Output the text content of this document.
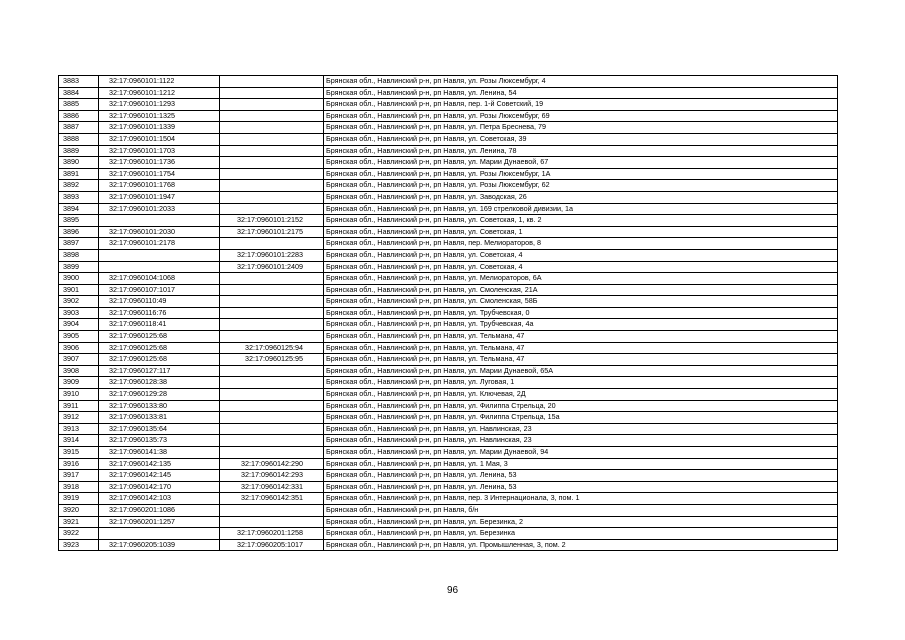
3883	32:17:0960101:1122		Брянская обл., Навлинский р-н, рп Навля, ул. Розы Люксембург, 4
3884	32:17:0960101:1212		Брянская обл., Навлинский р-н, рп Навля, ул. Ленина, 54
3885	32:17:0960101:1293		Брянская обл., Навлинский р-н, рп Навля, пер. 1-й Советский, 19
3886	32:17:0960101:1325		Брянская обл., Навлинский р-н, рп Навля, ул. Розы Люксембург, 69
3887	32:17:0960101:1339		Брянская обл., Навлинский р-н, рп Навля, ул. Петра Бреснева, 79
3888	32:17:0960101:1504		Брянская обл., Навлинский р-н, рп Навля, ул. Советская, 39
3889	32:17:0960101:1703		Брянская обл., Навлинский р-н, рп Навля, ул. Ленина, 78
3890	32:17:0960101:1736		Брянская обл., Навлинский р-н, рп Навля, ул. Марии Дунаевой, 67
3891	32:17:0960101:1754		Брянская обл., Навлинский р-н, рп Навля, ул. Розы Люксембург, 1А
3892	32:17:0960101:1768		Брянская обл., Навлинский р-н, рп Навля, ул. Розы Люксембург, 62
3893	32:17:0960101:1947		Брянская обл., Навлинский р-н, рп Навля, ул. Заводская, 26
3894	32:17:0960101:2033		Брянская обл., Навлинский р-н, рп Навля, ул. 169 стрелковой дивизии, 1а
3895		32:17:0960101:2152	Брянская обл., Навлинский р-н, рп Навля, ул. Советская, 1, кв. 2
3896	32:17:0960101:2030	32:17:0960101:2175	Брянская обл., Навлинский р-н, рп Навля, ул. Советская, 1
3897	32:17:0960101:2178		Брянская обл., Навлинский р-н, рп Навля, пер. Мелиораторов, 8
3898		32:17:0960101:2283	Брянская обл., Навлинский р-н, рп Навля, ул. Советская, 4
3899		32:17:0960101:2409	Брянская обл., Навлинский р-н, рп Навля, ул. Советская, 4
3900	32:17:0960104:1068		Брянская обл., Навлинский р-н, рп Навля, ул. Мелиораторов, 6А
3901	32:17:0960107:1017		Брянская обл., Навлинский р-н, рп Навля, ул. Смоленская, 21А
3902	32:17:0960110:49		Брянская обл., Навлинский р-н, рп Навля, ул. Смоленская, 58Б
3903	32:17:0960116:76		Брянская обл., Навлинский р-н, рп Навля, ул. Трубчевская, 0
3904	32:17:0960118:41		Брянская обл., Навлинский р-н, рп Навля, ул. Трубчевская, 4а
3905	32:17:0960125:68		Брянская обл., Навлинский р-н, рп Навля, ул. Тельмана, 47
3906	32:17:0960125:68	32:17:0960125:94	Брянская обл., Навлинский р-н, рп Навля, ул. Тельмана, 47
3907	32:17:0960125:68	32:17:0960125:95	Брянская обл., Навлинский р-н, рп Навля, ул. Тельмана, 47
3908	32:17:0960127:117		Брянская обл., Навлинский р-н, рп Навля, ул. Марии Дунаевой, 65А
3909	32:17:0960128:38		Брянская обл., Навлинский р-н, рп Навля, ул. Луговая, 1
3910	32:17:0960129:28		Брянская обл., Навлинский р-н, рп Навля, ул. Ключевая, 2Д
3911	32:17:0960133:80		Брянская обл., Навлинский р-н, рп Навля, ул. Филиппа Стрельца, 20
3912	32:17:0960133:81		Брянская обл., Навлинский р-н, рп Навля, ул. Филиппа Стрельца, 15а
3913	32:17:0960135:64		Брянская обл., Навлинский р-н, рп Навля, ул. Навлинская, 23
3914	32:17:0960135:73		Брянская обл., Навлинский р-н, рп Навля, ул. Навлинская, 23
3915	32:17:0960141:38		Брянская обл., Навлинский р-н, рп Навля, ул. Марии Дунаевой, 94
3916	32:17:0960142:135	32:17:0960142:290	Брянская обл., Навлинский р-н, рп Навля, ул. 1 Мая, 3
3917	32:17:0960142:145	32:17:0960142:293	Брянская обл., Навлинский р-н, рп Навля, ул. Ленина, 53
3918	32:17:0960142:170	32:17:0960142:331	Брянская обл., Навлинский р-н, рп Навля, ул. Ленина, 53
3919	32:17:0960142:103	32:17:0960142:351	Брянская обл., Навлинский р-н, рп Навля, пер. 3 Интернационала, 3, пом. 1
3920	32:17:0960201:1086		Брянская обл., Навлинский р-н, рп Навля, б/н
3921	32:17:0960201:1257		Брянская обл., Навлинский р-н, рп Навля, ул. Березинка, 2
3922		32:17:0960201:1258	Брянская обл., Навлинский р-н, рп Навля, ул. Березинка
3923	32:17:0960205:1039	32:17:0960205:1017	Брянская обл., Навлинский р-н, рп Навля, ул. Промышленная, 3, пом. 2
96
